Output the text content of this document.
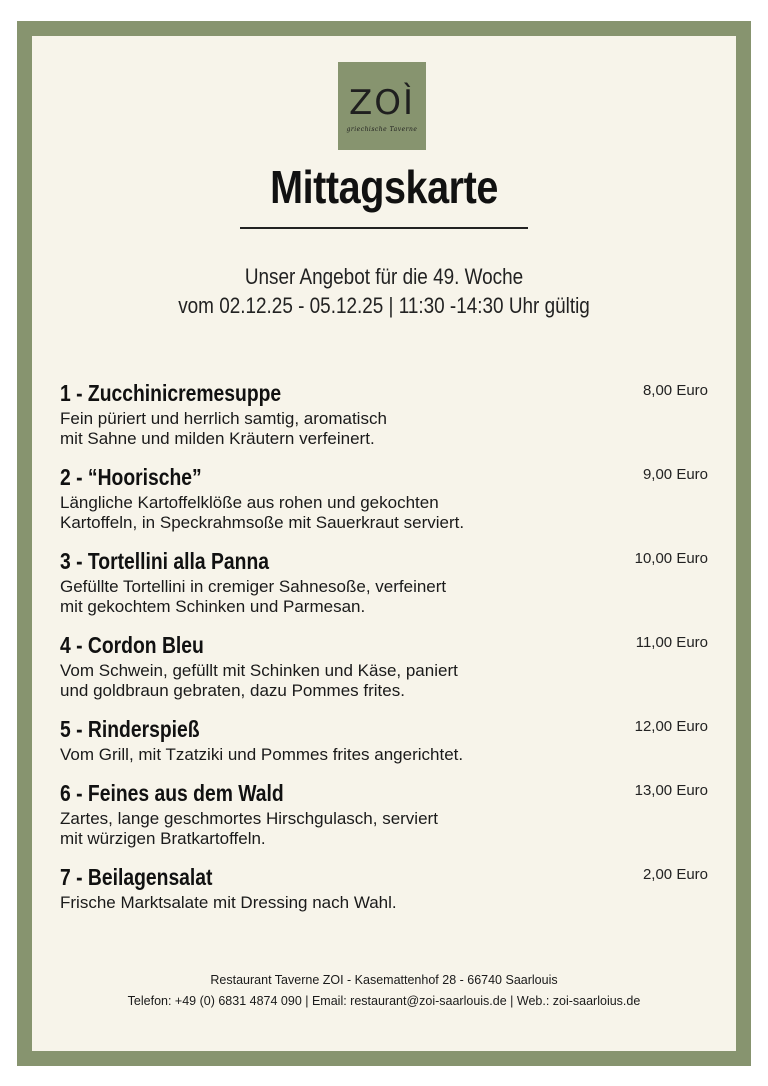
ZOÌ
griechische Taverne
Mittagskarte
Unser Angebot für die 49. Woche
vom 02.12.25 - 05.12.25 | 11:30 -14:30 Uhr gültig
1 - Zucchinicremesuppe	8,00 Euro
Fein püriert und herrlich samtig, aromatisch
mit Sahne und milden Kräutern verfeinert.
2 - “Hoorische”	9,00 Euro
Längliche Kartoffelklöße aus rohen und gekochten
Kartoffeln, in Speckrahmsoße mit Sauerkraut serviert.
3 - Tortellini alla Panna	10,00 Euro
Gefüllte Tortellini in cremiger Sahnesoße, verfeinert
mit gekochtem Schinken und Parmesan.
4 - Cordon Bleu	11,00 Euro
Vom Schwein, gefüllt mit Schinken und Käse, paniert
und goldbraun gebraten, dazu Pommes frites.
5 - Rinderspieß	12,00 Euro
Vom Grill, mit Tzatziki und Pommes frites angerichtet.
6 - Feines aus dem Wald	13,00 Euro
Zartes, lange geschmortes Hirschgulasch, serviert
mit würzigen Bratkartoffeln.
7 - Beilagensalat	2,00 Euro
Frische Marktsalate mit Dressing nach Wahl.
Restaurant Taverne ZOI - Kasemattenhof 28 - 66740 Saarlouis
Telefon: +49 (0) 6831 4874 090 | Email: restaurant@zoi-saarlouis.de | Web.: zoi-saarloius.de
